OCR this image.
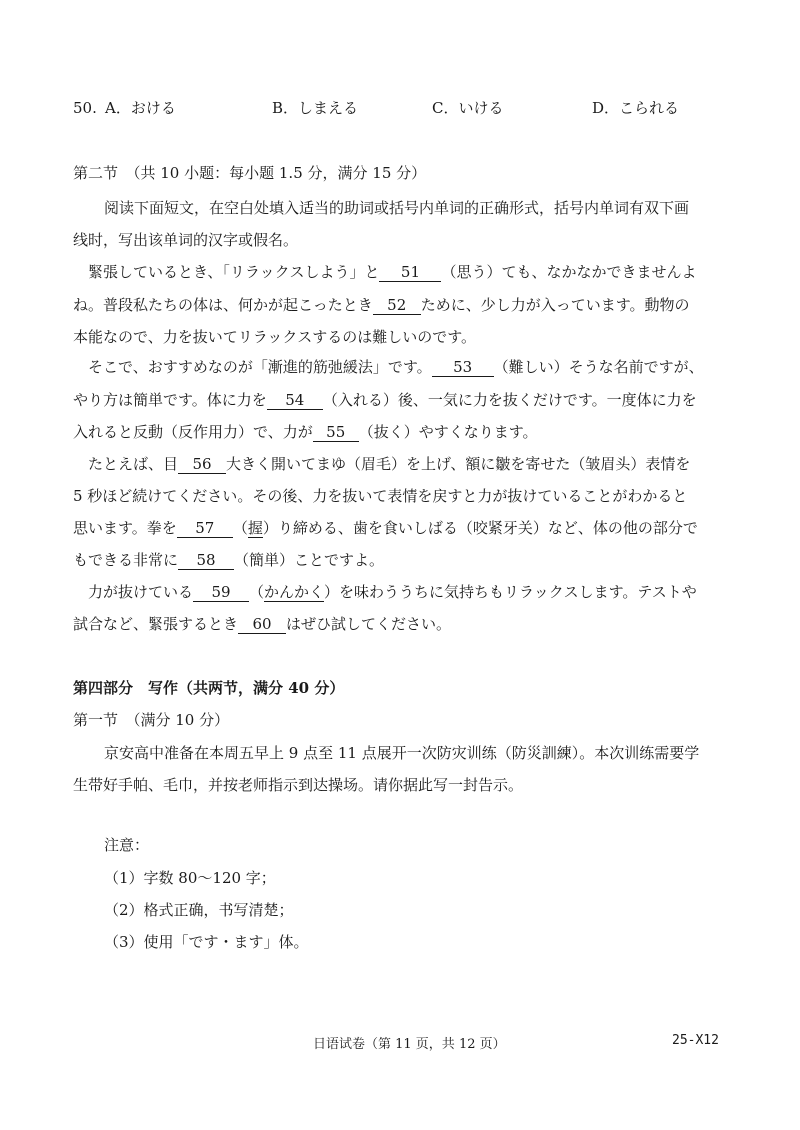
50. A．おける	B．しまえる	C．いける	D．こられる
第二节　（共 10 小题：每小题 1.5 分，满分 15 分）
阅读下面短文，在空白处填入适当的助词或括号内单词的正确形式，括号内单词有双下画
线时，写出该单词的汉字或假名。
緊張しているとき、「リラックスしよう」と 51 （思う）ても、なかなかできませんよ
ね。普段私たちの体は、何かが起こったとき 52 ために、少し力が入っています。動物の
本能なので、力を抜いてリラックスするのは難しいのです。
そこで、おすすめなのが「漸進的筋弛緩法」です。 53 （難しい）そうな名前ですが、
やり方は簡単です。体に力を 54 （入れる）後、一気に力を抜くだけです。一度体に力を
入れると反動（反作用力）で、力が 55 （抜く）やすくなります。
たとえば、目 56 大きく開いてまゆ（眉毛）を上げ、額に皺を寄せた（皱眉头）表情を
5 秒ほど続けてください。その後、力を抜いて表情を戻すと力が抜けていることがわかると
思います。拳を 57 （握）り締める、歯を食いしばる（咬紧牙关）など、体の他の部分で
もできる非常に 58 （簡単）ことですよ。
力が抜けている 59 （かんかく）を味わううちに気持ちもリラックスします。テストや
試合など、緊張するとき 60 はぜひ試してください。
第四部分　写作（共两节，满分 40 分）
第一节　（满分 10 分）
京安高中准备在本周五早上 9 点至 11 点展开一次防灾训练（防災訓練）。本次训练需要学
生带好手帕、毛巾，并按老师指示到达操场。请你据此写一封告示。
注意：
（1）字数 80～120 字；
（2）格式正确，书写清楚；
（3）使用「です・ます」体。
日语试卷（第 11 页，共 12 页）	25-X12
